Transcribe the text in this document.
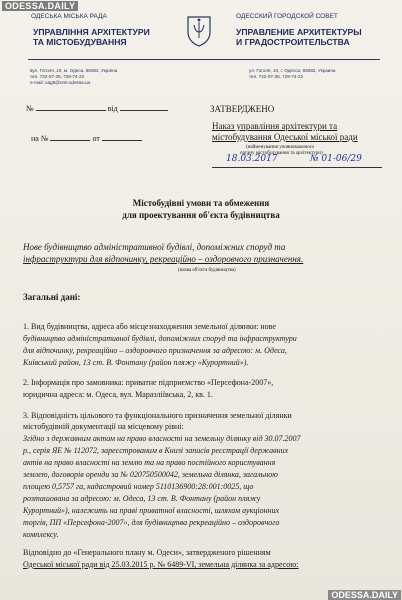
ODESSA.DAILY
ОДЕСЬКА МІСЬКА РАДА
УПРАВЛІННЯ АРХІТЕКТУРИ
ТА МІСТОБУДУВАННЯ
ОДЕССКИЙ ГОРОДСКОЙ СОВЕТ
УПРАВЛЕНИЕ АРХИТЕКТУРЫ
И ГРАДОСТРОИТЕЛЬСТВА
вул. Гоголя, 10, м. Одеса, 65082, Україна
тел. 722-07-35, 729-74-22
e-mail: uag5@omr.odessa.ua
ул. Гоголя, 10, г. Одесса, 65082, Украина
тел. 722-07-35, 729-74-22
№	від	ЗАТВЕРДЖЕНО
на №	от
Наказ управління архітектури та
містобудування Одеської міської ради
(найменування уповноваженого
органу містобудування та архітектури)
18.03.2017	№ 01-06/29
Містобудівні умови та обмеження
для проектування об'єкта будівництва
Нове будівництво адміністративної будівлі, допоміжних споруд та
інфраструктури для відпочинку, рекреаційно – оздоровчого призначення.
(назва об'єкта будівництва)
Загальні дані:
1. Вид будівництва, адреса або місцезнаходження земельної ділянки: нове
будівництво адміністративної будівлі, допоміжних споруд та інфраструктури
для відпочинку, рекреаційно – оздоровчого призначення за адресою: м. Одеса,
Київський район, 13 ст. В. Фонтану (район пляжу «Курортний»).
2. Інформація про замовника: приватне підприємство «Персефона-2007»,
юридична адреса: м. Одеса, вул. Маразліївська, 2, кв. 1.
3. Відповідність цільового та функціонального призначення земельної ділянки
містобудівній документації на місцевому рівні:
Згідно з державним актом на право власності на земельну ділянку від 30.07.2007
р., серія ЯЕ № 112072, зареєстрованим в Книзі записів реєстрації державних
актів на право власності на землю та на право постійного користування
землею, договорів оренди за № 020750500042, земельна ділянка, загальною
площею 0,5757 га, кадастровий номер 5110136900:28:001:0025, що
розташована за адресою: м. Одеса, 13 ст. В. Фонтану (район пляжу
Курортний»), належить на праві приватної власності, шляхом аукціонних
торгів, ПП «Персефона-2007», для будівництва рекреаційно – оздоровчого
комплексу.
Відповідно до «Генерального плану м. Одеси», затвердженого рішенням
Одеської міської ради від 25.03.2015 р. № 6489-VI, земельна ділянка за адресою:
ODESSA.DAILY
